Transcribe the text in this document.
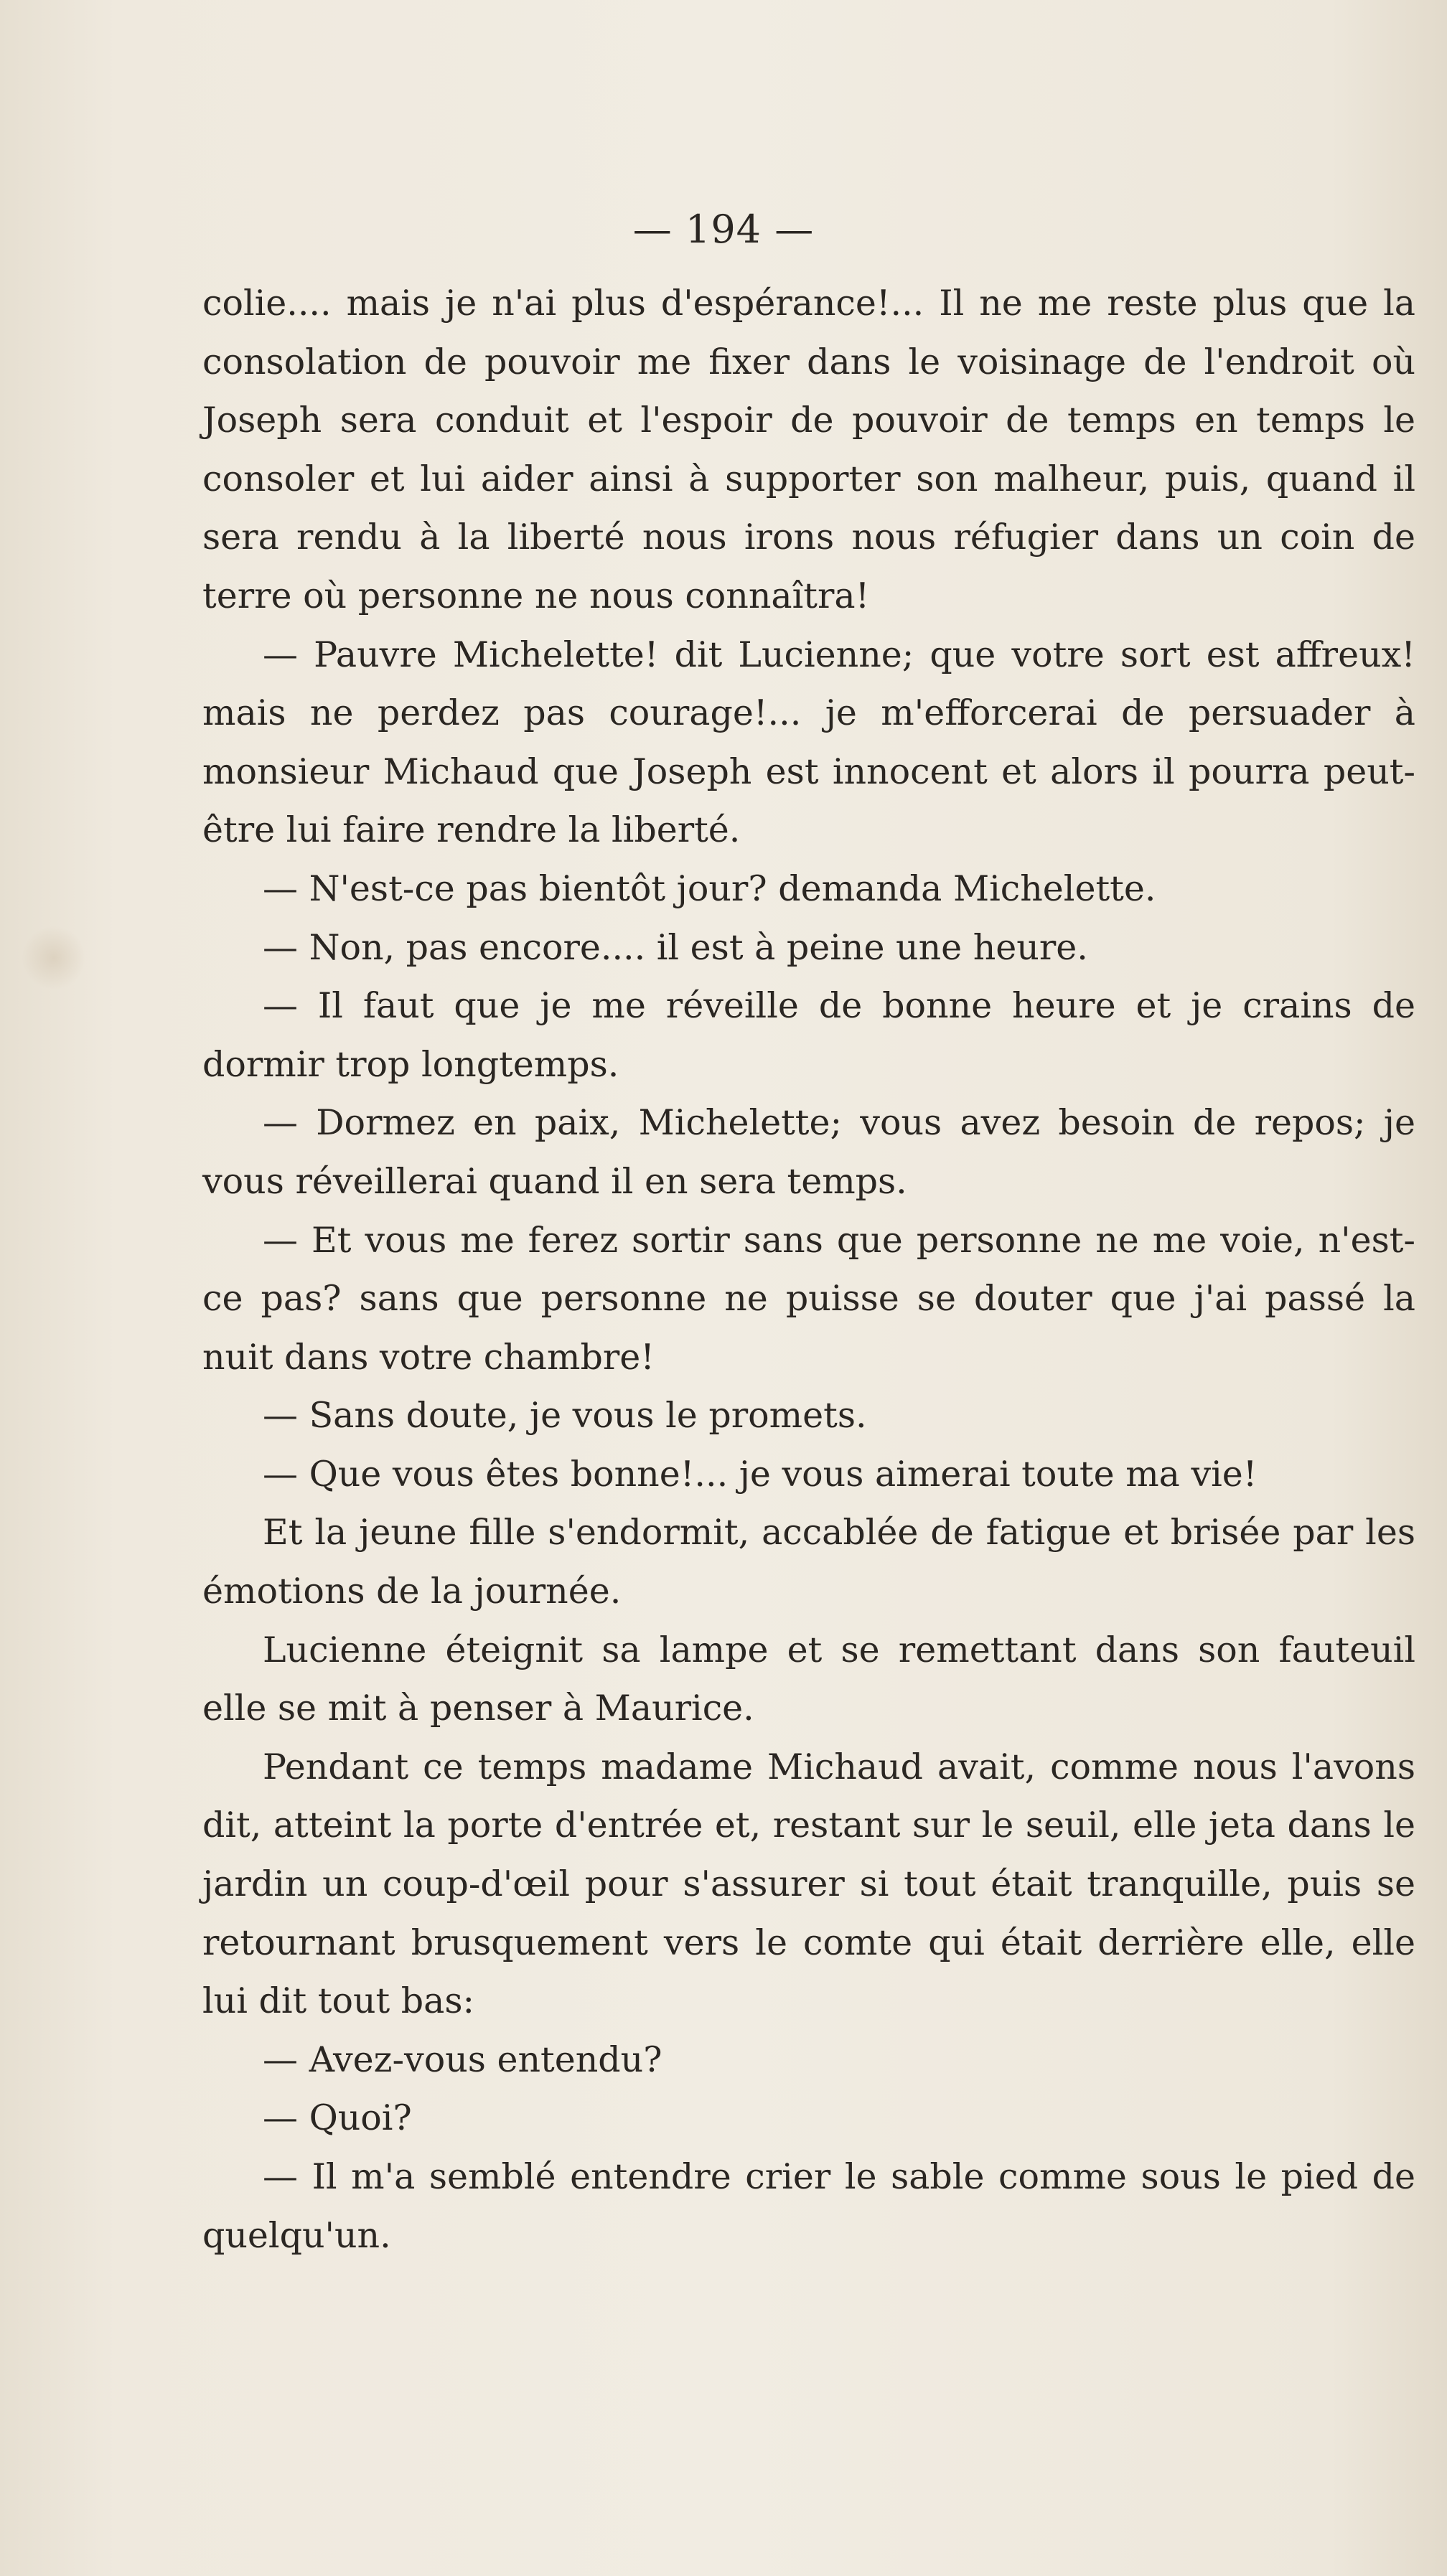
— 194 —

colie.... mais je n'ai plus d'espérance!... Il ne me reste plus que la consolation de pouvoir me fixer dans le voisinage de l'endroit où Joseph sera conduit et l'espoir de pouvoir de temps en temps le consoler et lui aider ainsi à supporter son malheur, puis, quand il sera rendu à la liberté nous irons nous réfugier dans un coin de terre où personne ne nous connaîtra!

— Pauvre Michelette! dit Lucienne; que votre sort est affreux! mais ne perdez pas courage!... je m'efforcerai de persuader à monsieur Michaud que Joseph est innocent et alors il pourra peut-être lui faire rendre la liberté.

— N'est-ce pas bientôt jour? demanda Michelette.

— Non, pas encore.... il est à peine une heure.

— Il faut que je me réveille de bonne heure et je crains de dormir trop longtemps.

— Dormez en paix, Michelette; vous avez besoin de repos; je vous réveillerai quand il en sera temps.

— Et vous me ferez sortir sans que personne ne me voie, n'est-ce pas? sans que personne ne puisse se douter que j'ai passé la nuit dans votre chambre!

— Sans doute, je vous le promets.

— Que vous êtes bonne!... je vous aimerai toute ma vie!

Et la jeune fille s'endormit, accablée de fatigue et brisée par les émotions de la journée.

Lucienne éteignit sa lampe et se remettant dans son fauteuil elle se mit à penser à Maurice.

Pendant ce temps madame Michaud avait, comme nous l'avons dit, atteint la porte d'entrée et, restant sur le seuil, elle jeta dans le jardin un coup-d'œil pour s'assurer si tout était tranquille, puis se retournant brusquement vers le comte qui était derrière elle, elle lui dit tout bas:

— Avez-vous entendu?

— Quoi?

— Il m'a semblé entendre crier le sable comme sous le pied de quelqu'un.
